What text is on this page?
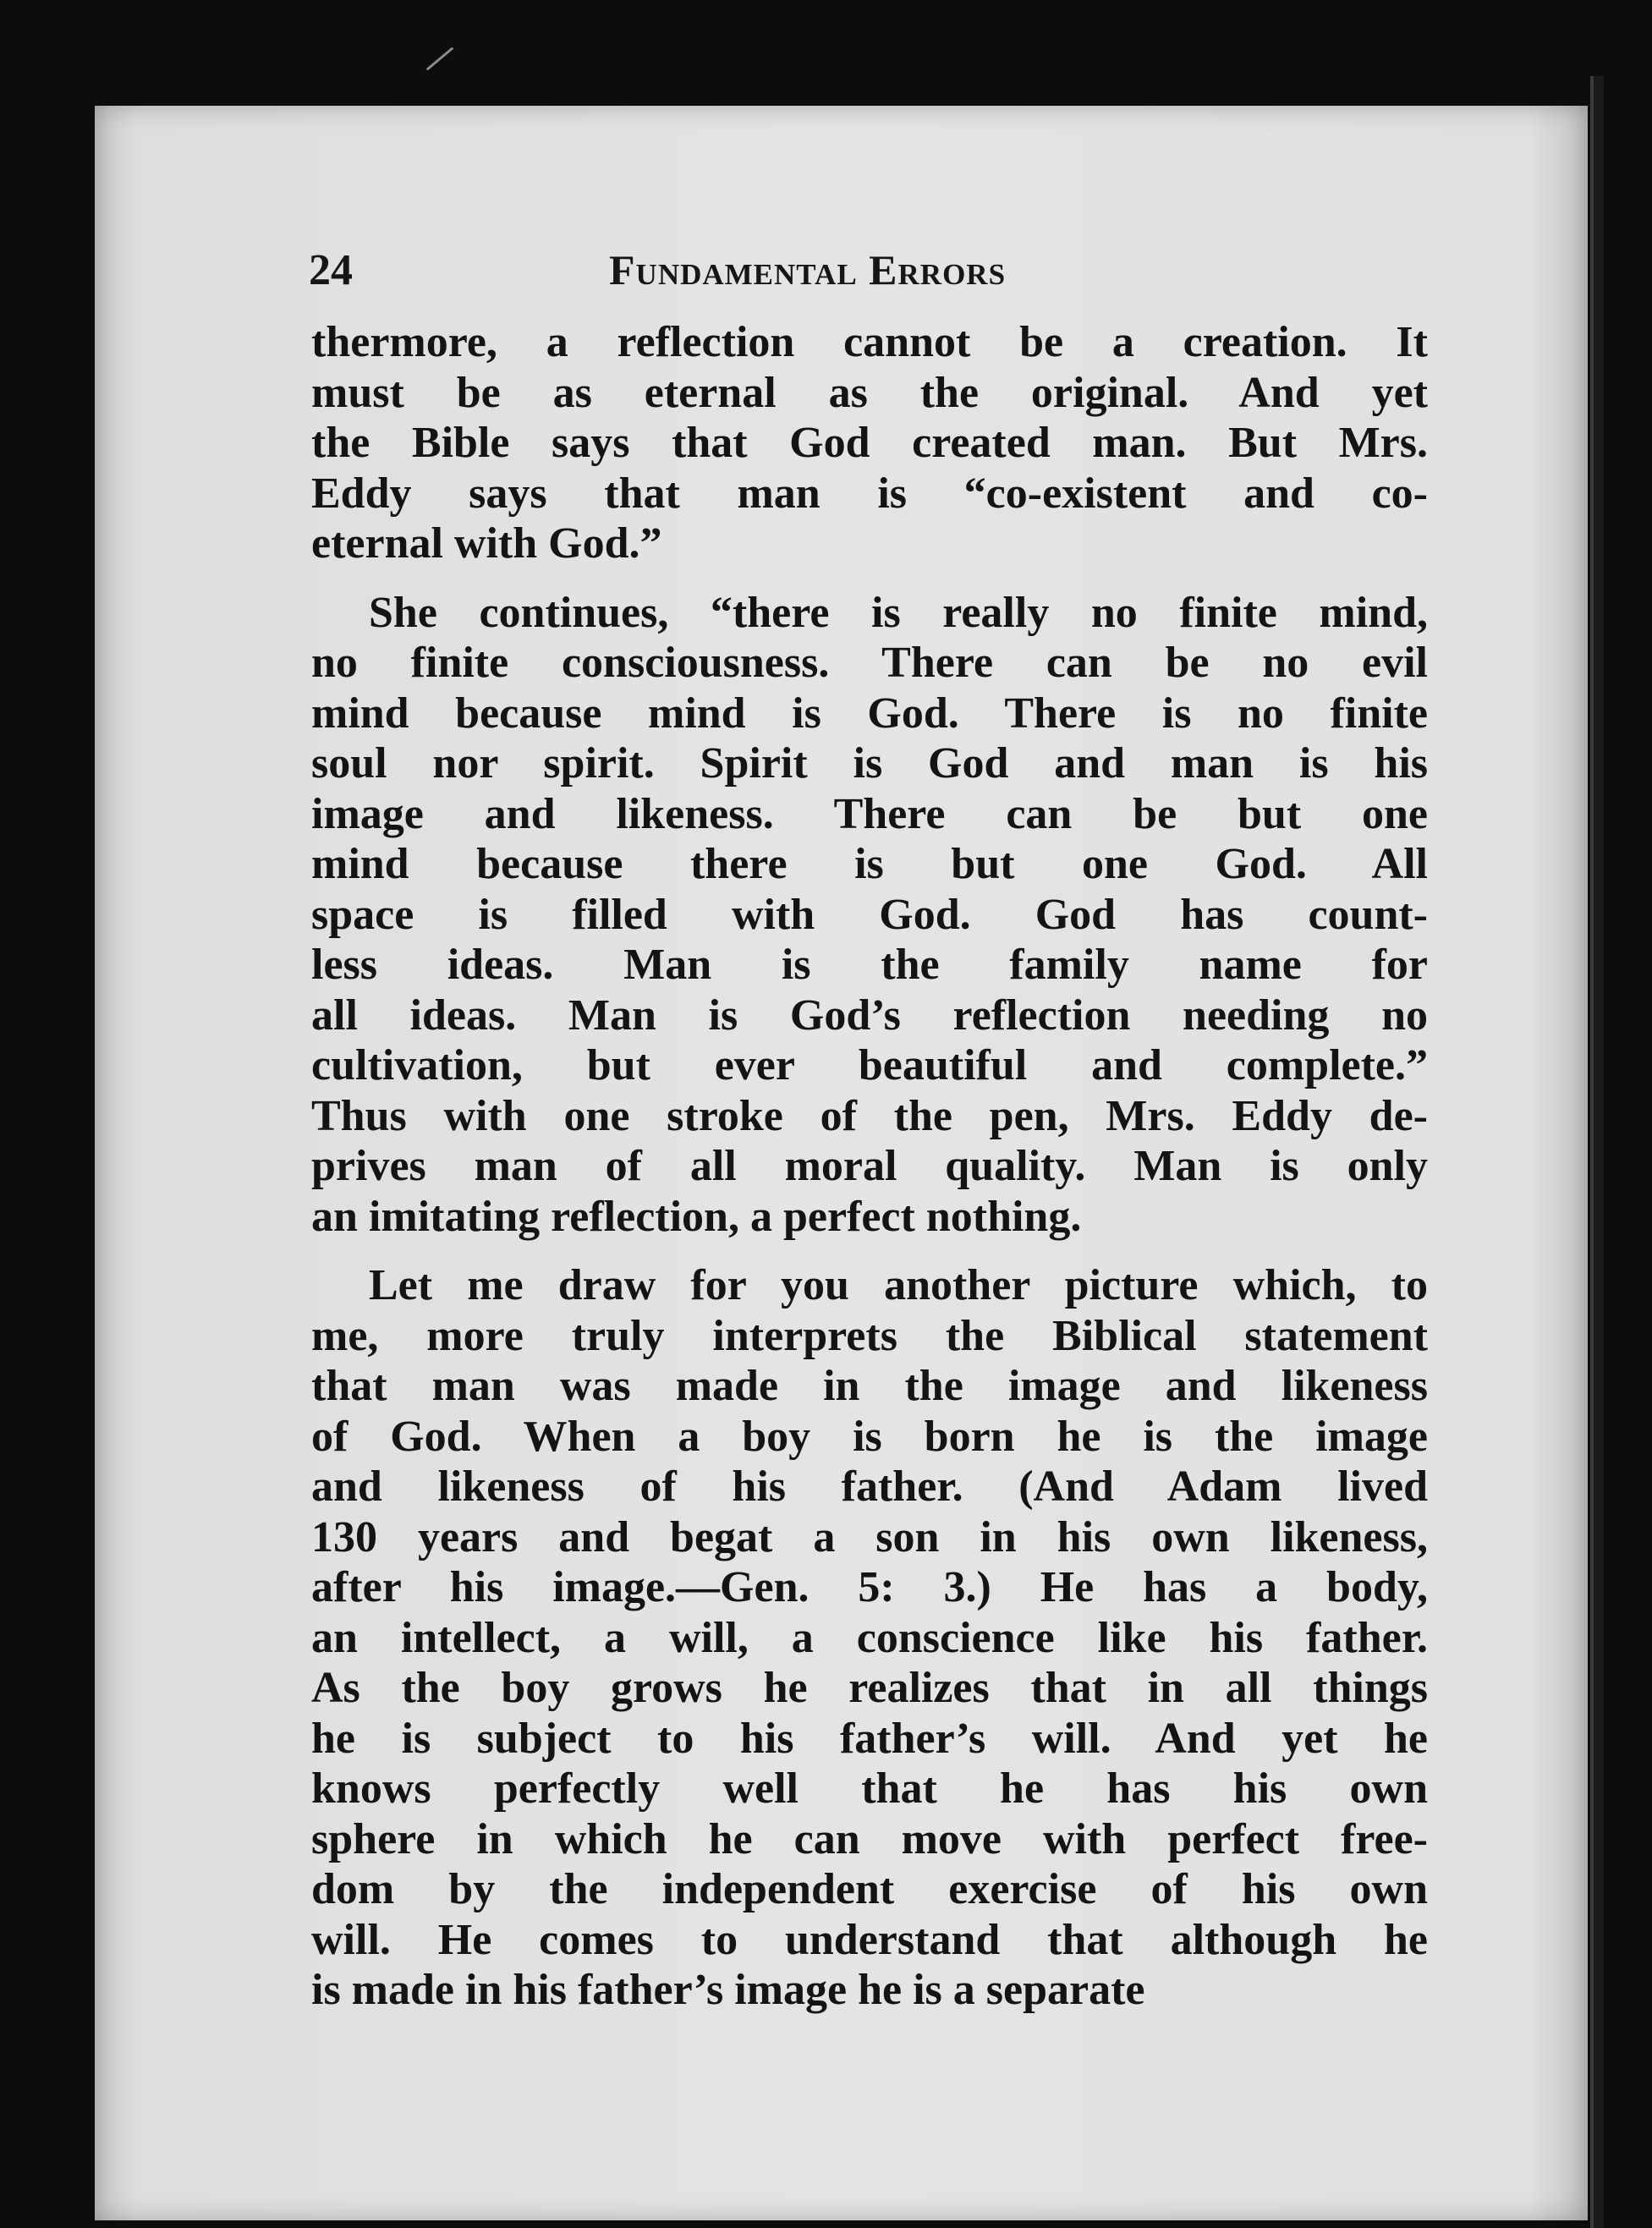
24	Fundamental Errors
thermore, a reflection cannot be a creation. It
must be as eternal as the original. And yet
the Bible says that God created man. But Mrs.
Eddy says that man is “co-existent and co-
eternal with God.”
She continues, “there is really no finite mind,
no finite consciousness. There can be no evil
mind because mind is God. There is no finite
soul nor spirit. Spirit is God and man is his
image and likeness. There can be but one
mind because there is but one God. All
space is filled with God. God has count-
less ideas. Man is the family name for
all ideas. Man is God’s reflection needing no
cultivation, but ever beautiful and complete.”
Thus with one stroke of the pen, Mrs. Eddy de-
prives man of all moral quality. Man is only
an imitating reflection, a perfect nothing.
Let me draw for you another picture which, to
me, more truly interprets the Biblical statement
that man was made in the image and likeness
of God. When a boy is born he is the image
and likeness of his father. (And Adam lived
130 years and begat a son in his own likeness,
after his image.—Gen. 5: 3.) He has a body,
an intellect, a will, a conscience like his father.
As the boy grows he realizes that in all things
he is subject to his father’s will. And yet he
knows perfectly well that he has his own
sphere in which he can move with perfect free-
dom by the independent exercise of his own
will. He comes to understand that although he
is made in his father’s image he is a separate
